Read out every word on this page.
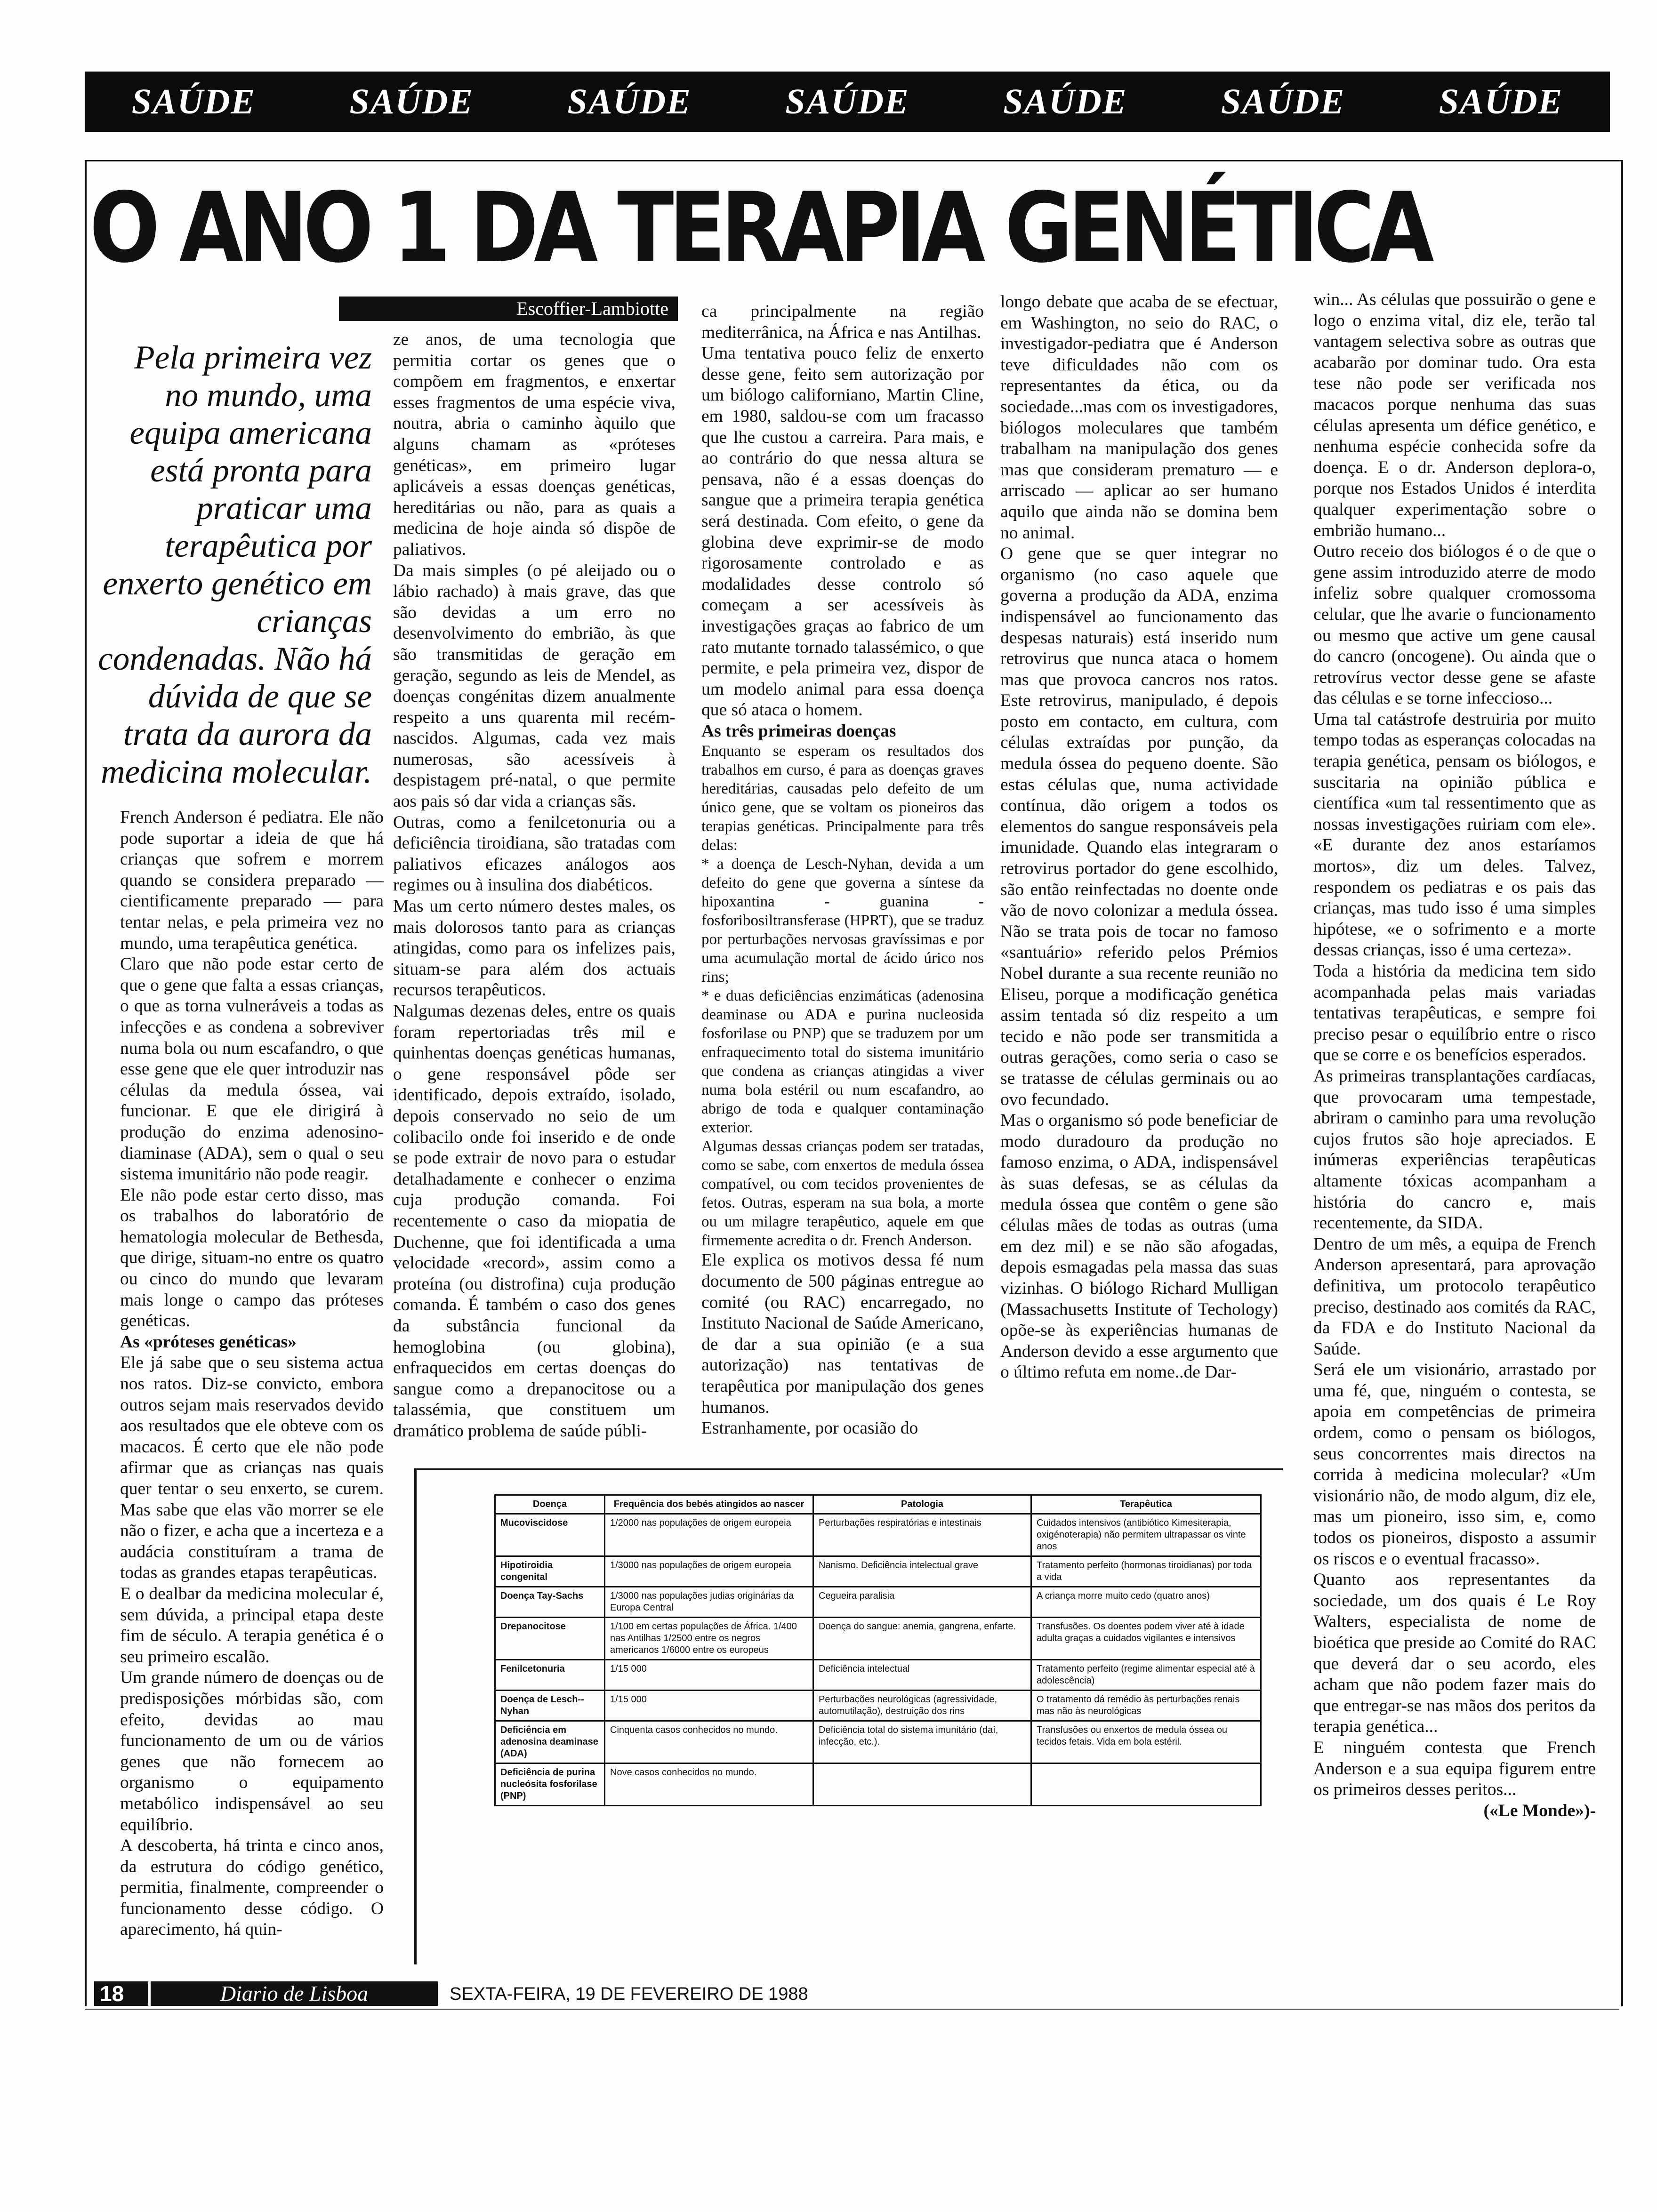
SAÚDE	SAÚDE	SAÚDE	SAÚDE	SAÚDE	SAÚDE	SAÚDE
O ANO 1 DA TERAPIA GENÉTICA
Escoffier-Lambiotte
Pela primeira vez no mundo, uma equipa americana está pronta para praticar uma terapêutica por enxerto genético em crianças condenadas. Não há dúvida de que se trata da aurora da medicina molecular.

French Anderson é pediatra. Ele não pode suportar a ideia de que há crianças que sofrem e morrem quando se considera preparado — cientificamente preparado — para tentar nelas, e pela primeira vez no mundo, uma terapêutica genética.

Claro que não pode estar certo de que o gene que falta a essas crianças, o que as torna vulneráveis a todas as infecções e as condena a sobreviver numa bola ou num escafandro, o que esse gene que ele quer introduzir nas células da medula óssea, vai funcionar. E que ele dirigirá à produção do enzima adenosino-diaminase (ADA), sem o qual o seu sistema imunitário não pode reagir.

Ele não pode estar certo disso, mas os trabalhos do laboratório de hematologia molecular de Bethesda, que dirige, situam-no entre os quatro ou cinco do mundo que levaram mais longe o campo das próteses genéticas.

As «próteses genéticas»

Ele já sabe que o seu sistema actua nos ratos. Diz-se convicto, embora outros sejam mais reservados devido aos resultados que ele obteve com os macacos. É certo que ele não pode afirmar que as crianças nas quais quer tentar o seu enxerto, se curem. Mas sabe que elas vão morrer se ele não o fizer, e acha que a incerteza e a audácia constituíram a trama de todas as grandes etapas terapêuticas.

E o dealbar da medicina molecular é, sem dúvida, a principal etapa deste fim de século. A terapia genética é o seu primeiro escalão.

Um grande número de doenças ou de predisposições mórbidas são, com efeito, devidas ao mau funcionamento de um ou de vários genes que não fornecem ao organismo o equipamento metabólico indispensável ao seu equilíbrio.

A descoberta, há trinta e cinco anos, da estrutura do código genético, permitia, finalmente, compreender o funcionamento desse código. O aparecimento, há quin-

ze anos, de uma tecnologia que permitia cortar os genes que o compõem em fragmentos, e enxertar esses fragmentos de uma espécie viva, noutra, abria o caminho àquilo que alguns chamam as «próteses genéticas», em primeiro lugar aplicáveis a essas doenças genéticas, hereditárias ou não, para as quais a medicina de hoje ainda só dispõe de paliativos.

Da mais simples (o pé aleijado ou o lábio rachado) à mais grave, das que são devidas a um erro no desenvolvimento do embrião, às que são transmitidas de geração em geração, segundo as leis de Mendel, as doenças congénitas dizem anualmente respeito a uns quarenta mil recém-nascidos. Algumas, cada vez mais numerosas, são acessíveis à despistagem pré-natal, o que permite aos pais só dar vida a crianças sãs.

Outras, como a fenilcetonuria ou a deficiência tiroidiana, são tratadas com paliativos eficazes análogos aos regimes ou à insulina dos diabéticos.

Mas um certo número destes males, os mais dolorosos tanto para as crianças atingidas, como para os infelizes pais, situam-se para além dos actuais recursos terapêuticos.

Nalgumas dezenas deles, entre os quais foram repertoriadas três mil e quinhentas doenças genéticas humanas, o gene responsável pôde ser identificado, depois extraído, isolado, depois conservado no seio de um colibacilo onde foi inserido e de onde se pode extrair de novo para o estudar detalhadamente e conhecer o enzima cuja produção comanda. Foi recentemente o caso da miopatia de Duchenne, que foi identificada a uma velocidade «record», assim como a proteína (ou distrofina) cuja produção comanda. É também o caso dos genes da substância funcional da hemoglobina (ou globina), enfraquecidos em certas doenças do sangue como a drepanocitose ou a talassémia, que constituem um dramático problema de saúde públi-

ca principalmente na região mediterrânica, na África e nas Antilhas.

Uma tentativa pouco feliz de enxerto desse gene, feito sem autorização por um biólogo californiano, Martin Cline, em 1980, saldou-se com um fracasso que lhe custou a carreira. Para mais, e ao contrário do que nessa altura se pensava, não é a essas doenças do sangue que a primeira terapia genética será destinada. Com efeito, o gene da globina deve exprimir-se de modo rigorosamente controlado e as modalidades desse controlo só começam a ser acessíveis às investigações graças ao fabrico de um rato mutante tornado talassémico, o que permite, e pela primeira vez, dispor de um modelo animal para essa doença que só ataca o homem.

As três primeiras doenças

Enquanto se esperam os resultados dos trabalhos em curso, é para as doenças graves hereditárias, causadas pelo defeito de um único gene, que se voltam os pioneiros das terapias genéticas. Principalmente para três delas:

* a doença de Lesch-Nyhan, devida a um defeito do gene que governa a síntese da hipoxantina - guanina - fosforibosiltransferase (HPRT), que se traduz por perturbações nervosas gravíssimas e por uma acumulação mortal de ácido úrico nos rins;

* e duas deficiências enzimáticas (adenosina deaminase ou ADA e purina nucleosida fosforilase ou PNP) que se traduzem por um enfraquecimento total do sistema imunitário que condena as crianças atingidas a viver numa bola estéril ou num escafandro, ao abrigo de toda e qualquer contaminação exterior.

Algumas dessas crianças podem ser tratadas, como se sabe, com enxertos de medula óssea compatível, ou com tecidos provenientes de fetos. Outras, esperam na sua bola, a morte ou um milagre terapêutico, aquele em que firmemente acredita o dr. French Anderson.

Ele explica os motivos dessa fé num documento de 500 páginas entregue ao comité (ou RAC) encarregado, no Instituto Nacional de Saúde Americano, de dar a sua opinião (e a sua autorização) nas tentativas de terapêutica por manipulação dos genes humanos.

Estranhamente, por ocasião do

longo debate que acaba de se efectuar, em Washington, no seio do RAC, o investigador-pediatra que é Anderson teve dificuldades não com os representantes da ética, ou da sociedade...mas com os investigadores, biólogos moleculares que também trabalham na manipulação dos genes mas que consideram prematuro — e arriscado — aplicar ao ser humano aquilo que ainda não se domina bem no animal.

O gene que se quer integrar no organismo (no caso aquele que governa a produção da ADA, enzima indispensável ao funcionamento das despesas naturais) está inserido num retrovirus que nunca ataca o homem mas que provoca cancros nos ratos. Este retrovirus, manipulado, é depois posto em contacto, em cultura, com células extraídas por punção, da medula óssea do pequeno doente. São estas células que, numa actividade contínua, dão origem a todos os elementos do sangue responsáveis pela imunidade. Quando elas integraram o retrovirus portador do gene escolhido, são então reinfectadas no doente onde vão de novo colonizar a medula óssea. Não se trata pois de tocar no famoso «santuário» referido pelos Prémios Nobel durante a sua recente reunião no Eliseu, porque a modificação genética assim tentada só diz respeito a um tecido e não pode ser transmitida a outras gerações, como seria o caso se se tratasse de células germinais ou ao ovo fecundado.

Mas o organismo só pode beneficiar de modo duradouro da produção no famoso enzima, o ADA, indispensável às suas defesas, se as células da medula óssea que contêm o gene são células mães de todas as outras (uma em dez mil) e se não são afogadas, depois esmagadas pela massa das suas vizinhas. O biólogo Richard Mulligan (Massachusetts Institute of Techology) opõe-se às experiências humanas de Anderson devido a esse argumento que o último refuta em nome..de Dar-

win... As células que possuirão o gene e logo o enzima vital, diz ele, terão tal vantagem selectiva sobre as outras que acabarão por dominar tudo. Ora esta tese não pode ser verificada nos macacos porque nenhuma das suas células apresenta um défice genético, e nenhuma espécie conhecida sofre da doença. E o dr. Anderson deplora-o, porque nos Estados Unidos é interdita qualquer experimentação sobre o embrião humano...

Outro receio dos biólogos é o de que o gene assim introduzido aterre de modo infeliz sobre qualquer cromossoma celular, que lhe avarie o funcionamento ou mesmo que active um gene causal do cancro (oncogene). Ou ainda que o retrovírus vector desse gene se afaste das células e se torne infeccioso...

Uma tal catástrofe destruiria por muito tempo todas as esperanças colocadas na terapia genética, pensam os biólogos, e suscitaria na opinião pública e científica «um tal ressentimento que as nossas investigações ruiriam com ele». «E durante dez anos estaríamos mortos», diz um deles. Talvez, respondem os pediatras e os pais das crianças, mas tudo isso é uma simples hipótese, «e o sofrimento e a morte dessas crianças, isso é uma certeza».

Toda a história da medicina tem sido acompanhada pelas mais variadas tentativas terapêuticas, e sempre foi preciso pesar o equilíbrio entre o risco que se corre e os benefícios esperados.

As primeiras transplantações cardíacas, que provocaram uma tempestade, abriram o caminho para uma revolução cujos frutos são hoje apreciados. E inúmeras experiências terapêuticas altamente tóxicas acompanham a história do cancro e, mais recentemente, da SIDA.

Dentro de um mês, a equipa de French Anderson apresentará, para aprovação definitiva, um protocolo terapêutico preciso, destinado aos comités da RAC, da FDA e do Instituto Nacional da Saúde.

Será ele um visionário, arrastado por uma fé, que, ninguém o contesta, se apoia em competências de primeira ordem, como o pensam os biólogos, seus concorrentes mais directos na corrida à medicina molecular? «Um visionário não, de modo algum, diz ele, mas um pioneiro, isso sim, e, como todos os pioneiros, disposto a assumir os riscos e o eventual fracasso».

Quanto aos representantes da sociedade, um dos quais é Le Roy Walters, especialista de nome de bioética que preside ao Comité do RAC que deverá dar o seu acordo, eles acham que não podem fazer mais do que entregar-se nas mãos dos peritos da terapia genética...

E ninguém contesta que French Anderson e a sua equipa figurem entre os primeiros desses peritos...

(«Le Monde»)-

Doença	Frequência dos bebés atingidos ao nascer	Patologia	Terapêutica
Mucoviscidose	1/2000 nas populações de origem europeia	Perturbações respiratórias e intestinais	Cuidados intensivos (antibiótico Kimesiterapia, oxigénoterapia) não permitem ultrapassar os vinte anos
Hipotiroidia congenital	1/3000 nas populações de origem europeia	Nanismo. Deficiência intelectual grave	Tratamento perfeito (hormonas tiroidianas) por toda a vida
Doença Tay-Sachs	1/3000 nas populações judias originárias da Europa Central	Cegueira paralisia	A criança morre muito cedo (quatro anos)
Drepanocitose	1/100 em certas populações de África. 1/400 nas Antilhas 1/2500 entre os negros americanos 1/6000 entre os europeus	Doença do sangue: anemia, gangrena, enfarte.	Transfusões. Os doentes podem viver até à idade adulta graças a cuidados vigilantes e intensivos
Fenilcetonuria	1/15 000	Deficiência intelectual	Tratamento perfeito (regime alimentar especial até à adolescência)
Doença de Lesch--Nyhan	1/15 000	Perturbações neurológicas (agressividade, automutilação), destruição dos rins	O tratamento dá remédio às perturbações renais mas não às neurológicas
Deficiência em adenosina deaminase (ADA)	Cinquenta casos conhecidos no mundo.	Deficiência total do sistema imunitário (daí, infecção, etc.).	Transfusões ou enxertos de medula óssea ou tecidos fetais. Vida em bola estéril.
Deficiência de purina nucleósita fosforilase (PNP)	Nove casos conhecidos no mundo.		
18	Diario de Lisboa	SEXTA-FEIRA, 19 DE FEVEREIRO DE 1988
